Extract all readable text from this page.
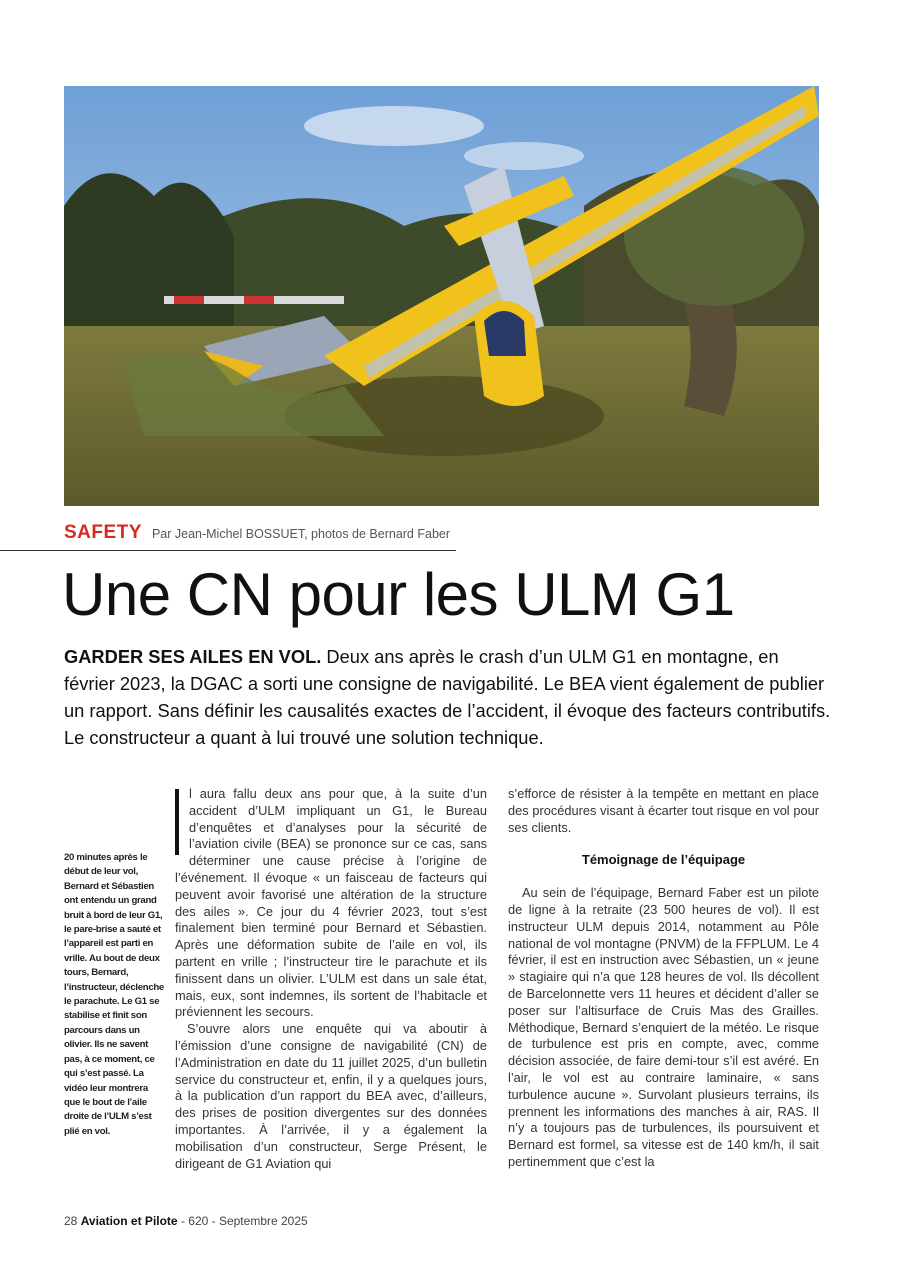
SAFETY Par Jean-Michel BOSSUET, photos de Bernard Faber
Une CN pour les ULM G1

GARDER SES AILES EN VOL. Deux ans après le crash d’un ULM G1 en montagne, en février 2023, la DGAC a sorti une consigne de navigabilité. Le BEA vient également de publier un rapport. Sans définir les causalités exactes de l’accident, il évoque des facteurs contributifs. Le constructeur a quant à lui trouvé une solution technique.

20 minutes après le début de leur vol, Bernard et Sébastien ont entendu un grand bruit à bord de leur G1, le pare-brise a sauté et l’appareil est parti en vrille. Au bout de deux tours, Bernard, l’instructeur, déclenche le parachute. Le G1 se stabilise et finit son parcours dans un olivier. Ils ne savent pas, à ce moment, ce qui s’est passé. La vidéo leur montrera que le bout de l’aile droite de l’ULM s’est plié en vol.

l aura fallu deux ans pour que, à la suite d’un accident d’ULM impliquant un G1, le Bureau d’enquêtes et d’analyses pour la sécurité de l’aviation civile (BEA) se prononce sur ce cas, sans déterminer une cause précise à l’origine de l’événement. Il évoque « un faisceau de facteurs qui peuvent avoir favorisé une altération de la structure des ailes ». Ce jour du 4 février 2023, tout s’est finalement bien terminé pour Bernard et Sébastien. Après une déformation subite de l’aile en vol, ils partent en vrille ; l’instructeur tire le parachute et ils finissent dans un olivier. L’ULM est dans un sale état, mais, eux, sont indemnes, ils sortent de l’habitacle et préviennent les secours.

S’ouvre alors une enquête qui va aboutir à l’émission d’une consigne de navigabilité (CN) de l’Administration en date du 11 juillet 2025, d’un bulletin service du constructeur et, enfin, il y a quelques jours, à la publication d’un rapport du BEA avec, d’ailleurs, des prises de position divergentes sur des données importantes. À l’arrivée, il y a également la mobilisation d’un constructeur, Serge Présent, le dirigeant de G1 Aviation qui

s’efforce de résister à la tempête en mettant en place des procédures visant à écarter tout risque en vol pour ses clients.

Témoignage de l’équipage

Au sein de l’équipage, Bernard Faber est un pilote de ligne à la retraite (23 500 heures de vol). Il est instructeur ULM depuis 2014, notamment au Pôle national de vol montagne (PNVM) de la FFPLUM. Le 4 février, il est en instruction avec Sébastien, un « jeune » stagiaire qui n’a que 128 heures de vol. Ils décollent de Barcelonnette vers 11 heures et décident d’aller se poser sur l’altisurface de Cruis Mas des Grailles. Méthodique, Bernard s’enquiert de la météo. Le risque de turbulence est pris en compte, avec, comme décision associée, de faire demi-tour s’il est avéré. En l’air, le vol est au contraire laminaire, « sans turbulence aucune ». Survolant plusieurs terrains, ils prennent les informations des manches à air, RAS. Il n’y a toujours pas de turbulences, ils poursuivent et Bernard est formel, sa vitesse est de 140 km/h, il sait pertinemment que c’est la

28 Aviation et Pilote - 620 - Septembre 2025
